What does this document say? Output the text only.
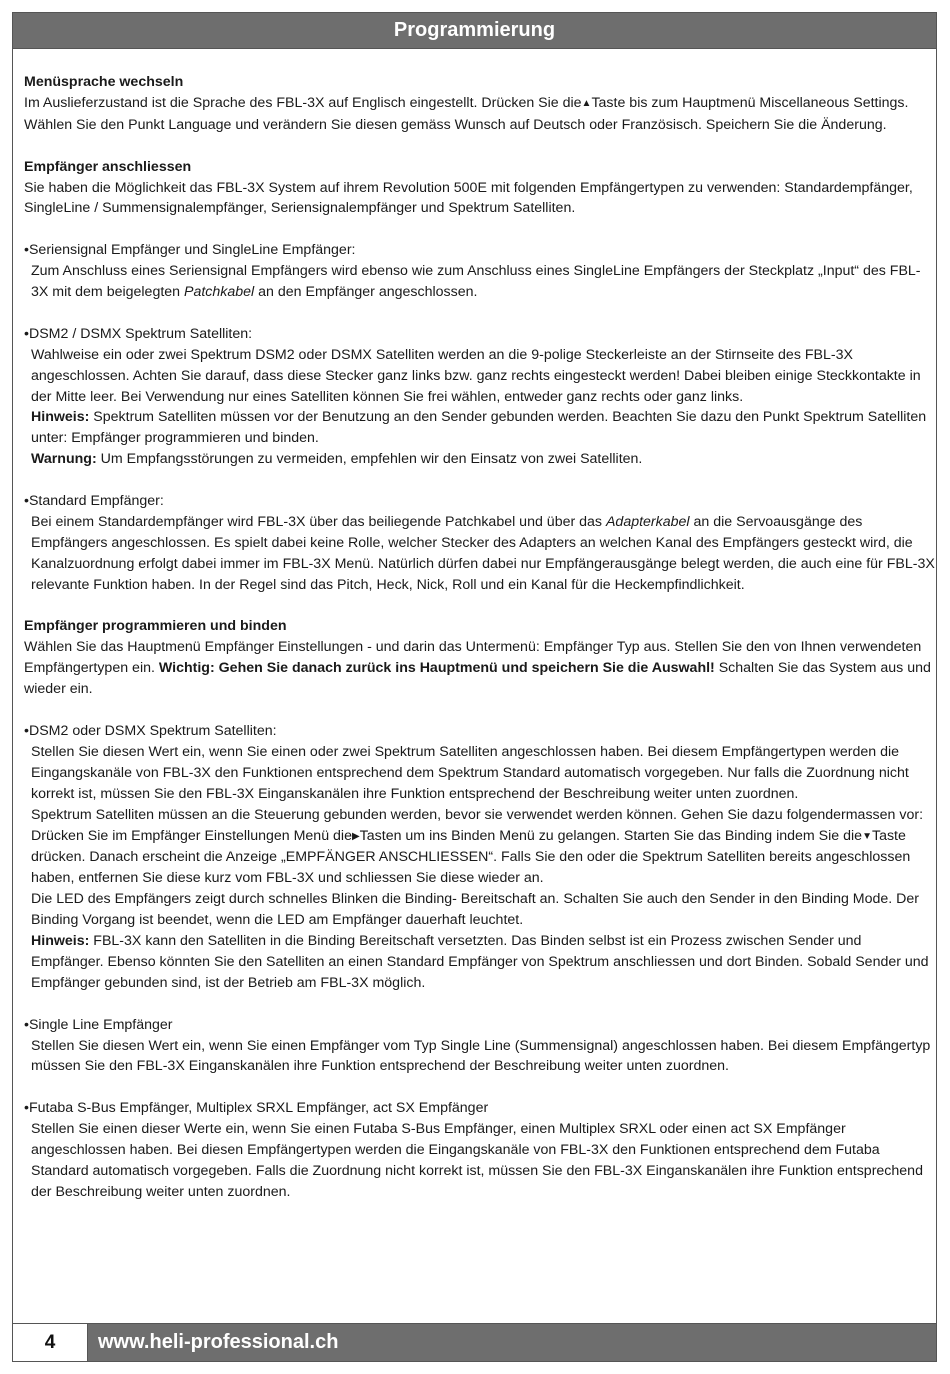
Programmierung

Menüsprache wechseln

Im Auslieferzustand ist die Sprache des FBL-3X auf Englisch eingestellt. Drücken Sie die▲Taste bis zum Hauptmenü Miscellaneous Settings. Wählen Sie den Punkt Language und verändern Sie diesen gemäss Wunsch auf Deutsch oder Französisch. Speichern Sie die Änderung.

Empfänger anschliessen

Sie haben die Möglichkeit das FBL-3X System auf ihrem Revolution 500E mit folgenden Empfängertypen zu verwenden: Standardempfänger, SingleLine / Summensignalempfänger, Seriensignalempfänger und Spektrum Satelliten.

•Seriensignal Empfänger und SingleLine Empfänger:

Zum Anschluss eines Seriensignal Empfängers wird ebenso wie zum Anschluss eines SingleLine Empfängers der Steckplatz „Input“ des FBL-3X mit dem beigelegten Patchkabel an den Empfänger angeschlossen.

•DSM2 / DSMX Spektrum Satelliten:

Wahlweise ein oder zwei Spektrum DSM2 oder DSMX Satelliten werden an die 9-polige Steckerleiste an der Stirnseite des FBL-3X angeschlossen. Achten Sie darauf, dass diese Stecker ganz links bzw. ganz rechts eingesteckt werden! Dabei bleiben einige Steckkontakte in der Mitte leer. Bei Verwendung nur eines Satelliten können Sie frei wählen, entweder ganz rechts oder ganz links.

Hinweis: Spektrum Satelliten müssen vor der Benutzung an den Sender gebunden werden. Beachten Sie dazu den Punkt Spektrum Satelliten unter: Empfänger programmieren und binden.

Warnung: Um Empfangsstörungen zu vermeiden, empfehlen wir den Einsatz von zwei Satelliten.

•Standard Empfänger:

Bei einem Standardempfänger wird FBL-3X über das beiliegende Patchkabel und über das Adapterkabel an die Servoausgänge des Empfängers angeschlossen. Es spielt dabei keine Rolle, welcher Stecker des Adapters an welchen Kanal des Empfängers gesteckt wird, die Kanalzuordnung erfolgt dabei immer im FBL-3X Menü. Natürlich dürfen dabei nur Empfängerausgänge belegt werden, die auch eine für FBL-3X relevante Funktion haben. In der Regel sind das Pitch, Heck, Nick, Roll und ein Kanal für die Heckempfindlichkeit.

Empfänger programmieren und binden

Wählen Sie das Hauptmenü Empfänger Einstellungen - und darin das Untermenü: Empfänger Typ aus. Stellen Sie den von Ihnen verwendeten Empfängertypen ein. Wichtig: Gehen Sie danach zurück ins Hauptmenü und speichern Sie die Auswahl! Schalten Sie das System aus und wieder ein.

•DSM2 oder DSMX Spektrum Satelliten:

Stellen Sie diesen Wert ein, wenn Sie einen oder zwei Spektrum Satelliten angeschlossen haben. Bei diesem Empfängertypen werden die Eingangskanäle von FBL-3X den Funktionen entsprechend dem Spektrum Standard automatisch vorgegeben. Nur falls die Zuordnung nicht korrekt ist, müssen Sie den FBL-3X Einganskanälen ihre Funktion entsprechend der Beschreibung weiter unten zuordnen.

Spektrum Satelliten müssen an die Steuerung gebunden werden, bevor sie verwendet werden können. Gehen Sie dazu folgendermassen vor:

Drücken Sie im Empfänger Einstellungen Menü die▶Tasten um ins Binden Menü zu gelangen. Starten Sie das Binding indem Sie die▼Taste drücken. Danach erscheint die Anzeige „EMPFÄNGER ANSCHLIESSEN“. Falls Sie den oder die Spektrum Satelliten bereits angeschlossen haben, entfernen Sie diese kurz vom FBL-3X und schliessen Sie diese wieder an.

Die LED des Empfängers zeigt durch schnelles Blinken die Binding- Bereitschaft an. Schalten Sie auch den Sender in den Binding Mode. Der Binding Vorgang ist beendet, wenn die LED am Empfänger dauerhaft leuchtet.

Hinweis: FBL-3X kann den Satelliten in die Binding Bereitschaft versetzten. Das Binden selbst ist ein Prozess zwischen Sender und Empfänger. Ebenso könnten Sie den Satelliten an einen Standard Empfänger von Spektrum anschliessen und dort Binden. Sobald Sender und Empfänger gebunden sind, ist der Betrieb am FBL-3X möglich.

•Single Line Empfänger

Stellen Sie diesen Wert ein, wenn Sie einen Empfänger vom Typ Single Line (Summensignal) angeschlossen haben. Bei diesem Empfängertyp müssen Sie den FBL-3X Einganskanälen ihre Funktion entsprechend der Beschreibung weiter unten zuordnen.

•Futaba S-Bus Empfänger, Multiplex SRXL Empfänger, act SX Empfänger

Stellen Sie einen dieser Werte ein, wenn Sie einen Futaba S-Bus Empfänger, einen Multiplex SRXL oder einen act SX Empfänger angeschlossen haben. Bei diesen Empfängertypen werden die Eingangskanäle von FBL-3X den Funktionen entsprechend dem Futaba Standard automatisch vorgegeben. Falls die Zuordnung nicht korrekt ist, müssen Sie den FBL-3X Einganskanälen ihre Funktion entsprechend der Beschreibung weiter unten zuordnen.

4	www.heli-professional.ch
